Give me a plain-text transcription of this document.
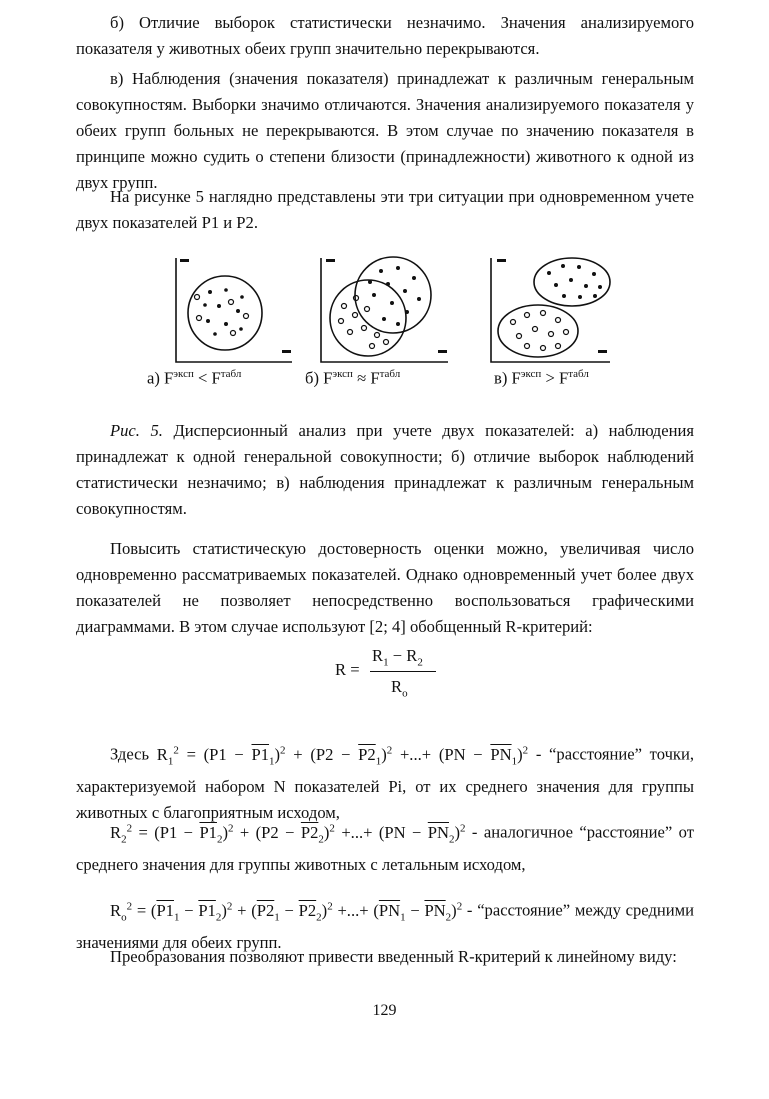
б) Отличие выборок статистически незначимо. Значения анализируемого показателя у животных обеих групп значительно перекрываются.

в) Наблюдения (значения показателя) принадлежат к различным генеральным совокупностям. Выборки значимо отличаются. Значения анализируемого показателя у обеих групп больных не перекрываются. В этом случае по значению показателя в принципе можно судить о степени близости (принадлежности) животного к одной из двух групп.

На рисунке 5 наглядно представлены эти три ситуации при одновременном учете двух показателей P1 и P2.

а) $F^{эксп} < F^{табл}$	б) $F^{эксп} \approx F^{табл}$	в) $F^{эксп} > F^{табл}$

Рис. 5. Дисперсионный анализ при учете двух показателей: а) наблюдения принадлежат к одной генеральной совокупности; б) отличие выборок наблюдений статистически незначимо; в) наблюдения принадлежат к различным генеральным совокупностям.

Повысить статистическую достоверность оценки можно, увеличивая число одновременно рассматриваемых показателей. Однако одновременный учет более двух показателей не позволяет непосредственно воспользоваться графическими диаграммами. В этом случае используют [2; 4] обобщенный R-критерий:

R =
$R_1 - R_2$
$R_o$
Здесь $R_1^2 = (P1 - P1_1)^2 + (P2 - P2_1)^2$ +...+ $(PN - \overline{PN}_1)^2$ - “расстояние” точки, характеризуемой набором N показателей Pi, от их среднего значения для группы животных с благоприятным исходом,
$R_2^2 = (P1 - P1_2)^2 + (P2 - P2_2)^2$ +...+ $(PN - \overline{PN}_2)^2$ - аналогичное “расстояние” от среднего значения для группы животных с летальным исходом,
$R_o^2 = (P1_1 - P1_2)^2 + (P2_1 - P2_2)^2$ +...+ $(\overline{PN}_1 - \overline{PN}_2)^2$ - “расстояние” между средними значениями для обеих групп.

Преобразования позволяют привести введенный R-критерий к линейному виду:

129
